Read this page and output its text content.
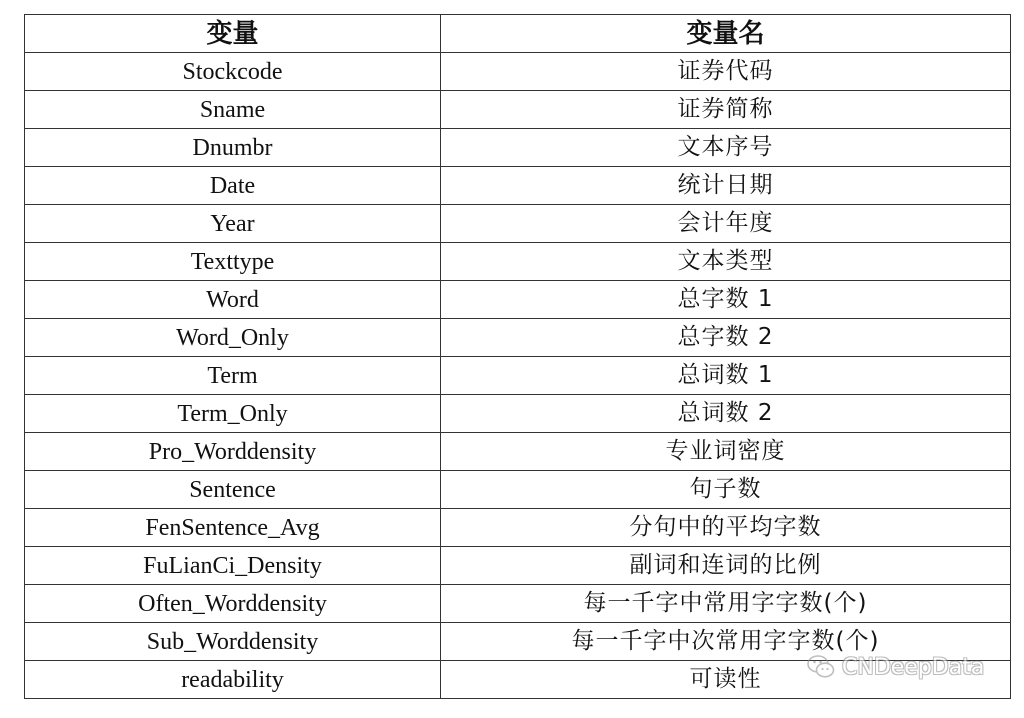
变量	变量名
Stockcode	证券代码
Sname	证券简称
Dnumbr	文本序号
Date	统计日期
Year	会计年度
Texttype	文本类型
Word	总字数 1
Word_Only	总字数 2
Term	总词数 1
Term_Only	总词数 2
Pro_Worddensity	专业词密度
Sentence	句子数
FenSentence_Avg	分句中的平均字数
FuLianCi_Density	副词和连词的比例
Often_Worddensity	每一千字中常用字字数(个)
Sub_Worddensity	每一千字中次常用字字数(个)
readability	可读性	CNDeepData
